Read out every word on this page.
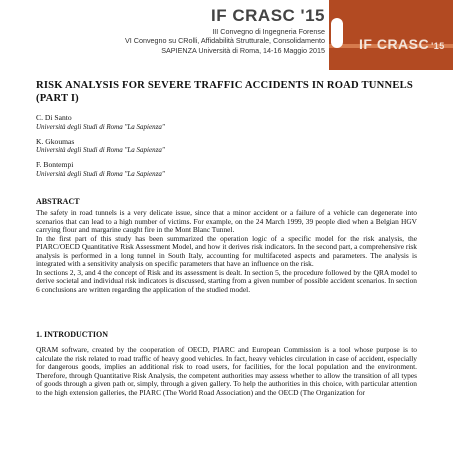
IF CRASC '15
III Convegno di Ingegneria Forense
VI Convegno su CRolli, Affidabilità Strutturale, Consolidamento
SAPIENZA Università di Roma, 14-16 Maggio 2015 IF CRASC '15
RISK ANALYSIS FOR SEVERE TRAFFIC ACCIDENTS IN ROAD TUNNELS (PART I)
C. Di Santo
Università degli Studi di Roma "La Sapienza"
K. Gkoumas
Università degli Studi di Roma "La Sapienza"
F. Bontempi
Università degli Studi di Roma "La Sapienza"
ABSTRACT

The safety in road tunnels is a very delicate issue, since that a minor accident or a failure of a vehicle can degenerate into scenarios that can lead to a high number of victims. For example, on the 24 March 1999, 39 people died when a Belgian HGV carrying flour and margarine caught fire in the Mont Blanc Tunnel.

In the first part of this study has been summarized the operation logic of a specific model for the risk analysis, the PIARC/OECD Quantitative Risk Assessment Model, and how it derives risk indicators. In the second part, a comprehensive risk analysis is performed in a long tunnel in South Italy, accounting for multifaceted aspects and parameters. The analysis is integrated with a sensitivity analysis on specific parameters that have an influence on the risk.

In sections 2, 3, and 4 the concept of Risk and its assessment is dealt. In section 5, the procedure followed by the QRA model to derive societal and individual risk indicators is discussed, starting from a given number of possible accident scenarios. In section 6 conclusions are written regarding the application of the studied model.

1. INTRODUCTION

QRAM software, created by the cooperation of OECD, PIARC and European Commission is a tool whose purpose is to calculate the risk related to road traffic of heavy good vehicles. In fact, heavy vehicles circulation in case of accident, especially for dangerous goods, implies an additional risk to road users, for facilities, for the local population and the environment. Therefore, through Quantitative Risk Analysis, the competent authorities may assess whether to allow the transition of all types of goods through a given path or, simply, through a given gallery. To help the authorities in this choice, with particular attention to the high extension galleries, the PIARC (The World Road Association) and the OECD (The Organization for
